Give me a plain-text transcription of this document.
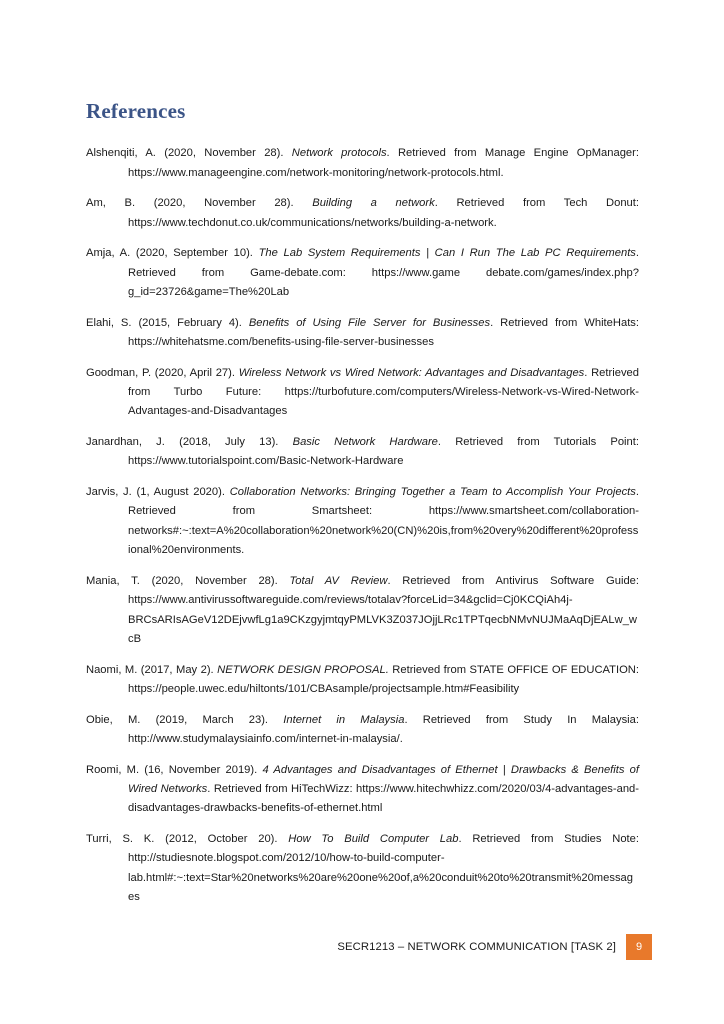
References

Alshenqiti, A. (2020, November 28). Network protocols. Retrieved from Manage Engine OpManager: https://www.manageengine.com/network-monitoring/network-protocols.html.

Am, B. (2020, November 28). Building a network. Retrieved from Tech Donut: https://www.techdonut.co.uk/communications/networks/building-a-network.

Amja, A. (2020, September 10). The Lab System Requirements | Can I Run The Lab PC Requirements. Retrieved from Game-debate.com: https://www.game debate.com/games/index.php?g_id=23726&game=The%20Lab

Elahi, S. (2015, February 4). Benefits of Using File Server for Businesses. Retrieved from WhiteHats: https://whitehatsme.com/benefits-using-file-server-businesses

Goodman, P. (2020, April 27). Wireless Network vs Wired Network: Advantages and Disadvantages. Retrieved from Turbo Future: https://turbofuture.com/computers/Wireless-Network-vs-Wired-Network-Advantages-and-Disadvantages

Janardhan, J. (2018, July 13). Basic Network Hardware. Retrieved from Tutorials Point: https://www.tutorialspoint.com/Basic-Network-Hardware

Jarvis, J. (1, August 2020). Collaboration Networks: Bringing Together a Team to Accomplish Your Projects. Retrieved from Smartsheet: https://www.smartsheet.com/collaboration-networks#:~:text=A%20collaboration%20network%20(CN)%20is,from%20very%20different%20professional%20environments.

Mania, T. (2020, November 28). Total AV Review. Retrieved from Antivirus Software Guide: https://www.antivirussoftwareguide.com/reviews/totalav?forceLid=34&gclid=Cj0KCQiAh4j-BRCsARIsAGeV12DEjvwfLg1a9CKzgyjmtqyPMLVK3Z037JOjjLRc1TPTqecbNMvNUJMaAqDjEALw_wcB

Naomi, M. (2017, May 2). NETWORK DESIGN PROPOSAL. Retrieved from STATE OFFICE OF EDUCATION: https://people.uwec.edu/hiltonts/101/CBAsample/projectsample.htm#Feasibility

Obie, M. (2019, March 23). Internet in Malaysia. Retrieved from Study In Malaysia: http://www.studymalaysiainfo.com/internet-in-malaysia/.

Roomi, M. (16, November 2019). 4 Advantages and Disadvantages of Ethernet | Drawbacks & Benefits of Wired Networks. Retrieved from HiTechWizz: https://www.hitechwhizz.com/2020/03/4-advantages-and-disadvantages-drawbacks-benefits-of-ethernet.html

Turri, S. K. (2012, October 20). How To Build Computer Lab. Retrieved from Studies Note: http://studiesnote.blogspot.com/2012/10/how-to-build-computer-lab.html#:~:text=Star%20networks%20are%20one%20of,a%20conduit%20to%20transmit%20messages

SECR1213 – NETWORK COMMUNICATION [TASK 2]	9
